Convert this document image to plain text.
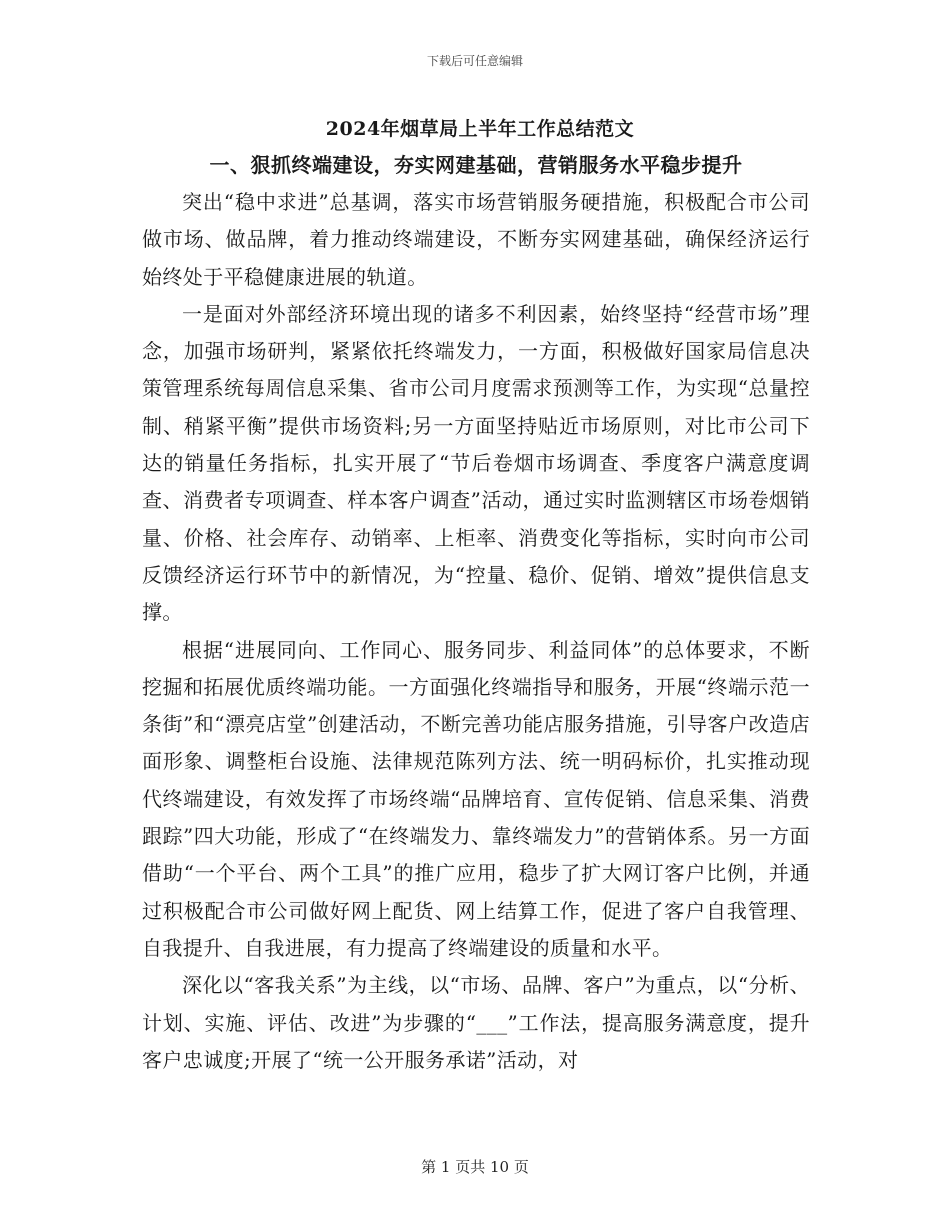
下载后可任意编辑
2024年烟草局上半年工作总结范文
一、狠抓终端建设，夯实网建基础，营销服务水平稳步提升

突出“稳中求进”总基调，落实市场营销服务硬措施，积极配合市公司做市场、做品牌，着力推动终端建设，不断夯实网建基础，确保经济运行始终处于平稳健康进展的轨道。

一是面对外部经济环境出现的诸多不利因素，始终坚持“经营市场”理念，加强市场研判，紧紧依托终端发力，一方面，积极做好国家局信息决策管理系统每周信息采集、省市公司月度需求预测等工作，为实现“总量控制、稍紧平衡”提供市场资料;另一方面坚持贴近市场原则，对比市公司下达的销量任务指标，扎实开展了“节后卷烟市场调查、季度客户满意度调查、消费者专项调查、样本客户调查”活动，通过实时监测辖区市场卷烟销量、价格、社会库存、动销率、上柜率、消费变化等指标，实时向市公司反馈经济运行环节中的新情况，为“控量、稳价、促销、增效”提供信息支撑。

根据“进展同向、工作同心、服务同步、利益同体”的总体要求，不断挖掘和拓展优质终端功能。一方面强化终端指导和服务，开展“终端示范一条街”和“漂亮店堂”创建活动，不断完善功能店服务措施，引导客户改造店面形象、调整柜台设施、法律规范陈列方法、统一明码标价，扎实推动现代终端建设，有效发挥了市场终端“品牌培育、宣传促销、信息采集、消费跟踪”四大功能，形成了“在终端发力、靠终端发力”的营销体系。另一方面借助“一个平台、两个工具”的推广应用，稳步了扩大网订客户比例，并通过积极配合市公司做好网上配货、网上结算工作，促进了客户自我管理、自我提升、自我进展，有力提高了终端建设的质量和水平。

深化以“客我关系”为主线，以“市场、品牌、客户”为重点，以“分析、计划、实施、评估、改进”为步骤的“___”工作法，提高服务满意度，提升客户忠诚度;开展了“统一公开服务承诺”活动，对

第 1 页共 10 页
